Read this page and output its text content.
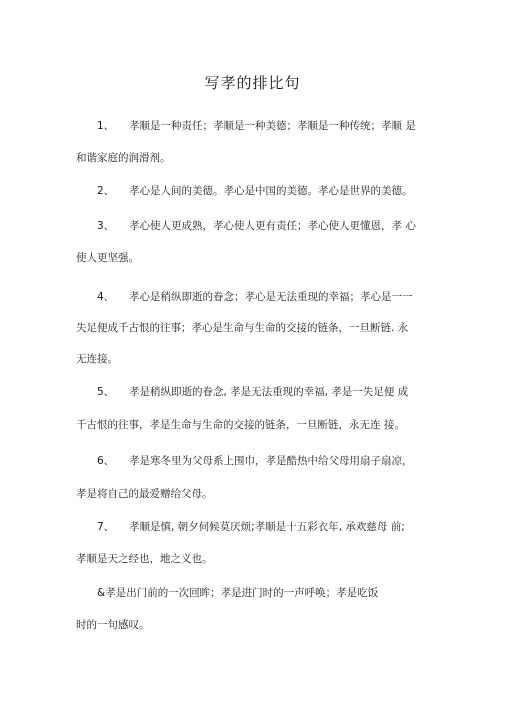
写孝的排比句
1、 孝顺是一种责任；孝顺是一种美德；孝顺是一种传统；孝顺 是
和谐家庭的润滑剂。
2、 孝心是人间的美德。孝心是中国的美德。孝心是世界的美德。
3、 孝心使人更成熟，孝心使人更有责任；孝心使人更懂恩，孝 心
使人更坚强。
4、 孝心是稍纵即逝的眷念；孝心是无法重现的幸福；孝心是一一
失足便成千古恨的往事；孝心是生命与生命的交接的链条，一旦断链. 永
无连接。
5、 孝是稍纵即逝的眷念, 孝是无法重现的幸福, 孝是一失足便 成
千古恨的往事，孝是生命与生命的交接的链条，一旦断链，永无连 接。
6、 孝是寒冬里为父母系上围巾，孝是酷热中给父母用扇子扇凉，
孝是将自己的最爱赠给父母。
7、 孝顺是慎, 朝夕伺候莫厌烦;孝顺是十五彩衣年, 承欢慈母 前;
孝顺是天之经也，地之义也。
&孝是出门前的一次回眸；孝是进门时的一声呼唤；孝是吃饭
时的一句感叹。
